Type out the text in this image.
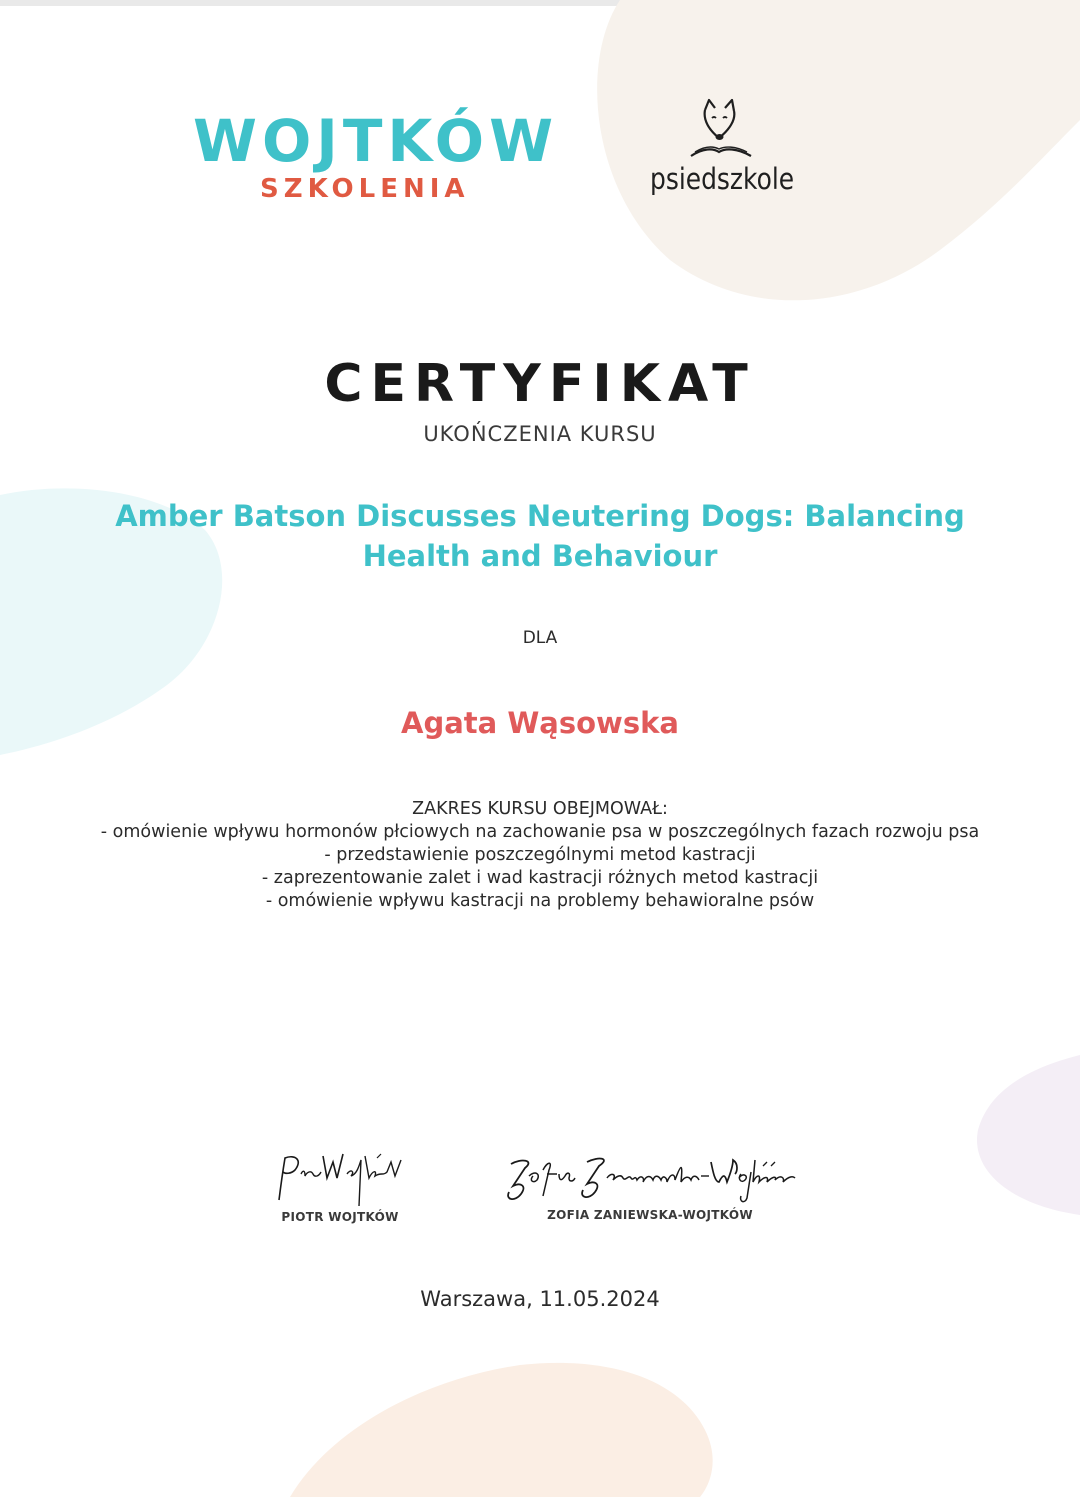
WOJTKÓW
SZKOLENIA	psiedszkole
CERTYFIKAT
UKOŃCZENIA KURSU
Amber Batson Discusses Neutering Dogs: Balancing Health and Behaviour
DLA
Agata Wąsowska
ZAKRES KURSU OBEJMOWAŁ:
- omówienie wpływu hormonów płciowych na zachowanie psa w poszczególnych fazach rozwoju psa
- przedstawienie poszczególnymi metod kastracji
- zaprezentowanie zalet i wad kastracji różnych metod kastracji
- omówienie wpływu kastracji na problemy behawioralne psów
PIOTR WOJTKÓW	ZOFIA ZANIEWSKA-WOJTKÓW
Warszawa, 11.05.2024
